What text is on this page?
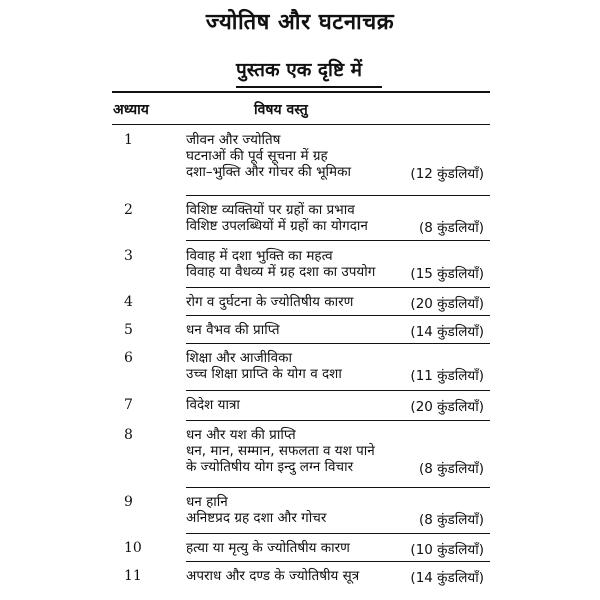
ज्योतिष और घटनाचक्र
पुस्तक एक दृष्टि में
अध्याय	विषय वस्तु
1	जीवन और ज्योतिष
घटनाओं की पूर्व सूचना में ग्रह
दशा–भुक्ति और गोचर की भूमिका	(12 कुंडलियाँ)
2	विशिष्ट व्यक्तियों पर ग्रहों का प्रभाव
विशिष्ट उपलब्धियों में ग्रहों का योगदान	(8 कुंडलियाँ)
3	विवाह में दशा भुक्ति का महत्व
विवाह या वैधव्य में ग्रह दशा का उपयोग	(15 कुंडलियाँ)
4	रोग व दुर्घटना के ज्योतिषीय कारण	(20 कुंडलियाँ)
5	धन वैभव की प्राप्ति	(14 कुंडलियाँ)
6	शिक्षा और आजीविका
उच्च शिक्षा प्राप्ति के योग व दशा	(11 कुंडलियाँ)
7	विदेश यात्रा	(20 कुंडलियाँ)
8	धन और यश की प्राप्ति
धन, मान, सम्मान, सफलता व यश पाने
के ज्योतिषीय योग इन्दु लग्न विचार	(8 कुंडलियाँ)
9	धन हानि
अनिष्टप्रद ग्रह दशा और गोचर	(8 कुंडलियाँ)
10	हत्या या मृत्यु के ज्योतिषीय कारण	(10 कुंडलियाँ)
11	अपराध और दण्ड के ज्योतिषीय सूत्र	(14 कुंडलियाँ)
